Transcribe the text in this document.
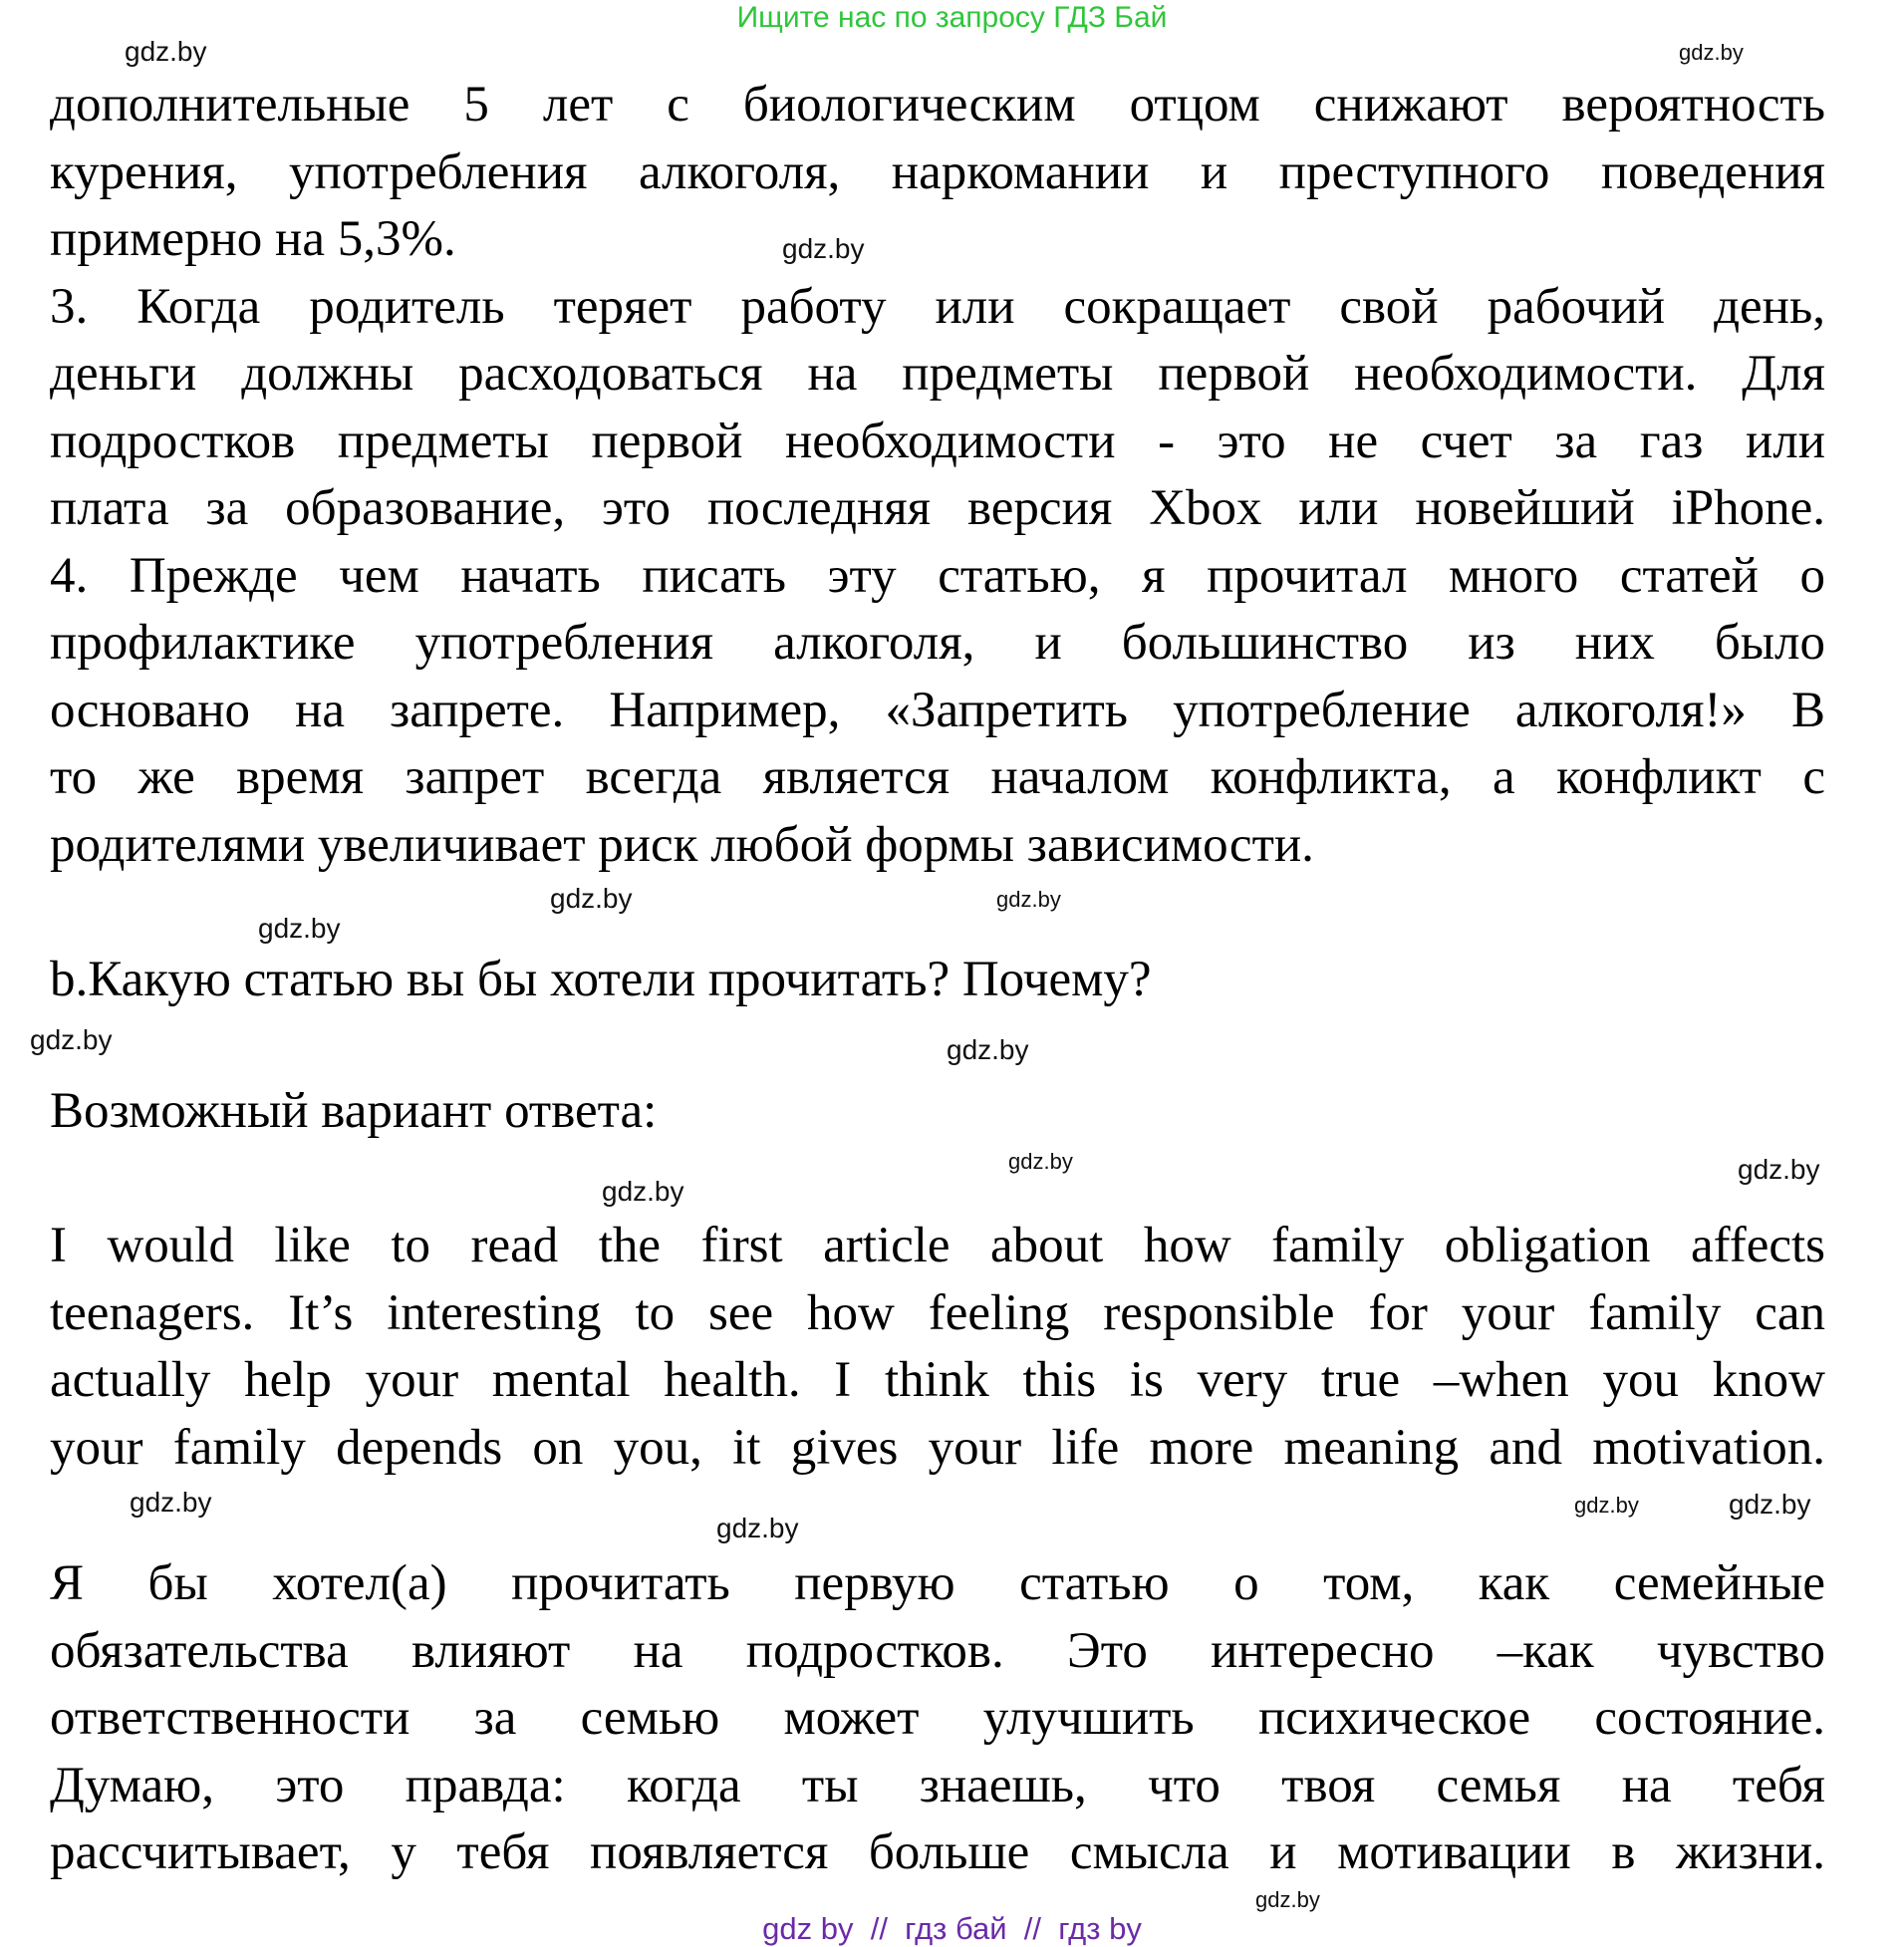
Ищите нас по запросу ГДЗ Бай
дополнительные 5 лет с биологическим отцом снижают вероятность
курения, употребления алкоголя, наркомании и преступного поведения
примерно на 5,3%.
3. Когда родитель теряет работу или сокращает свой рабочий день,
деньги должны расходоваться на предметы первой необходимости. Для
подростков предметы первой необходимости - это не счет за газ или
плата за образование, это последняя версия Xbox или новейший iPhone.
4. Прежде чем начать писать эту статью, я прочитал много статей о
профилактике употребления алкоголя, и большинство из них было
основано на запрете. Например, «Запретить употребление алкоголя!» В
то же время запрет всегда является началом конфликта, а конфликт с
родителями увеличивает риск любой формы зависимости.
b.Какую статью вы бы хотели прочитать? Почему?
Возможный вариант ответа:
I would like to read the first article about how family obligation affects
teenagers. It’s interesting to see how feeling responsible for your family can
actually help your mental health. I think this is very true –when you know
your family depends on you, it gives your life more meaning and motivation.
Я бы хотел(а) прочитать первую статью о том, как семейные
обязательства влияют на подростков. Это интересно –как чувство
ответственности за семью может улучшить психическое состояние.
Думаю, это правда: когда ты знаешь, что твоя семья на тебя
рассчитывает, у тебя появляется больше смысла и мотивации в жизни.
gdz.by	gdz.by
gdz.by
gdz.by
gdz.by
gdz.by
gdz.by
gdz.by
gdz.by	gdz.by
gdz.by
gdz.by
gdz.by
gdz.by
gdz.by
gdz.by
gdz by  //  гдз бай  //  гдз by
